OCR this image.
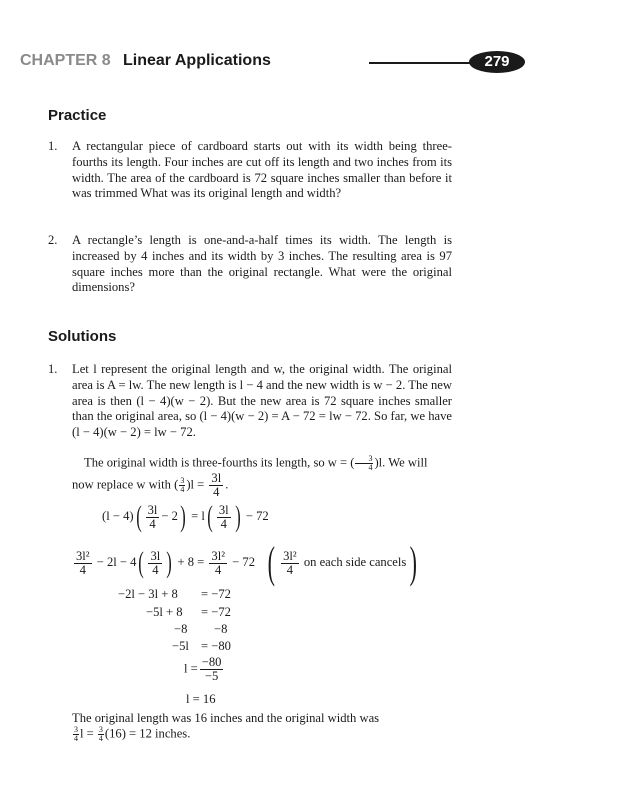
CHAPTER 8 Linear Applications	279
Practice
1. A rectangular piece of cardboard starts out with its width being three-fourths its length. Four inches are cut off its length and two inches from its width. The area of the cardboard is 72 square inches smaller than before it was trimmed What was its original length and width?
2. A rectangle’s length is one-and-a-half times its width. The length is increased by 4 inches and its width by 3 inches. The resulting area is 97 square inches more than the original rectangle. What were the original dimensions?
Solutions
1. Let l represent the original length and w, the original width. The original area is A = lw. The new length is l − 4 and the new width is w − 2. The new area is then (l − 4)(w − 2). But the new area is 72 square inches smaller than the original area, so (l − 4)(w − 2) = A − 72 = lw − 72. So far, we have (l − 4)(w − 2) = lw − 72.
The original width is three-fourths its length, so w = ( $\frac{3}{4} )l$. We will
now replace w with ( $\frac{3}{4} )l = \frac{3l}{4}$ .
$(l - 4)( \frac{3l}{4} - 2) = l( \frac{3l}{4}$ ) − 72
$\frac{\text{3l²}}{4} - 2l - 4( \frac{3l}{4}$ ) + $8 = \frac{\text{3l²}}{4} - 72$ ( $\frac{\text{3l²}}{4}$ on each side cancels)
−2l − 3l + 8 = −72
−5l + 8 = −72
−8 −8
−5l = −80
$l = \frac{-80}{-5}$
l = 16
The original length was 16 inches and the original width was
$\frac{3}{4}$ $l = \frac{3}{4} (16) = 12$ inches.
